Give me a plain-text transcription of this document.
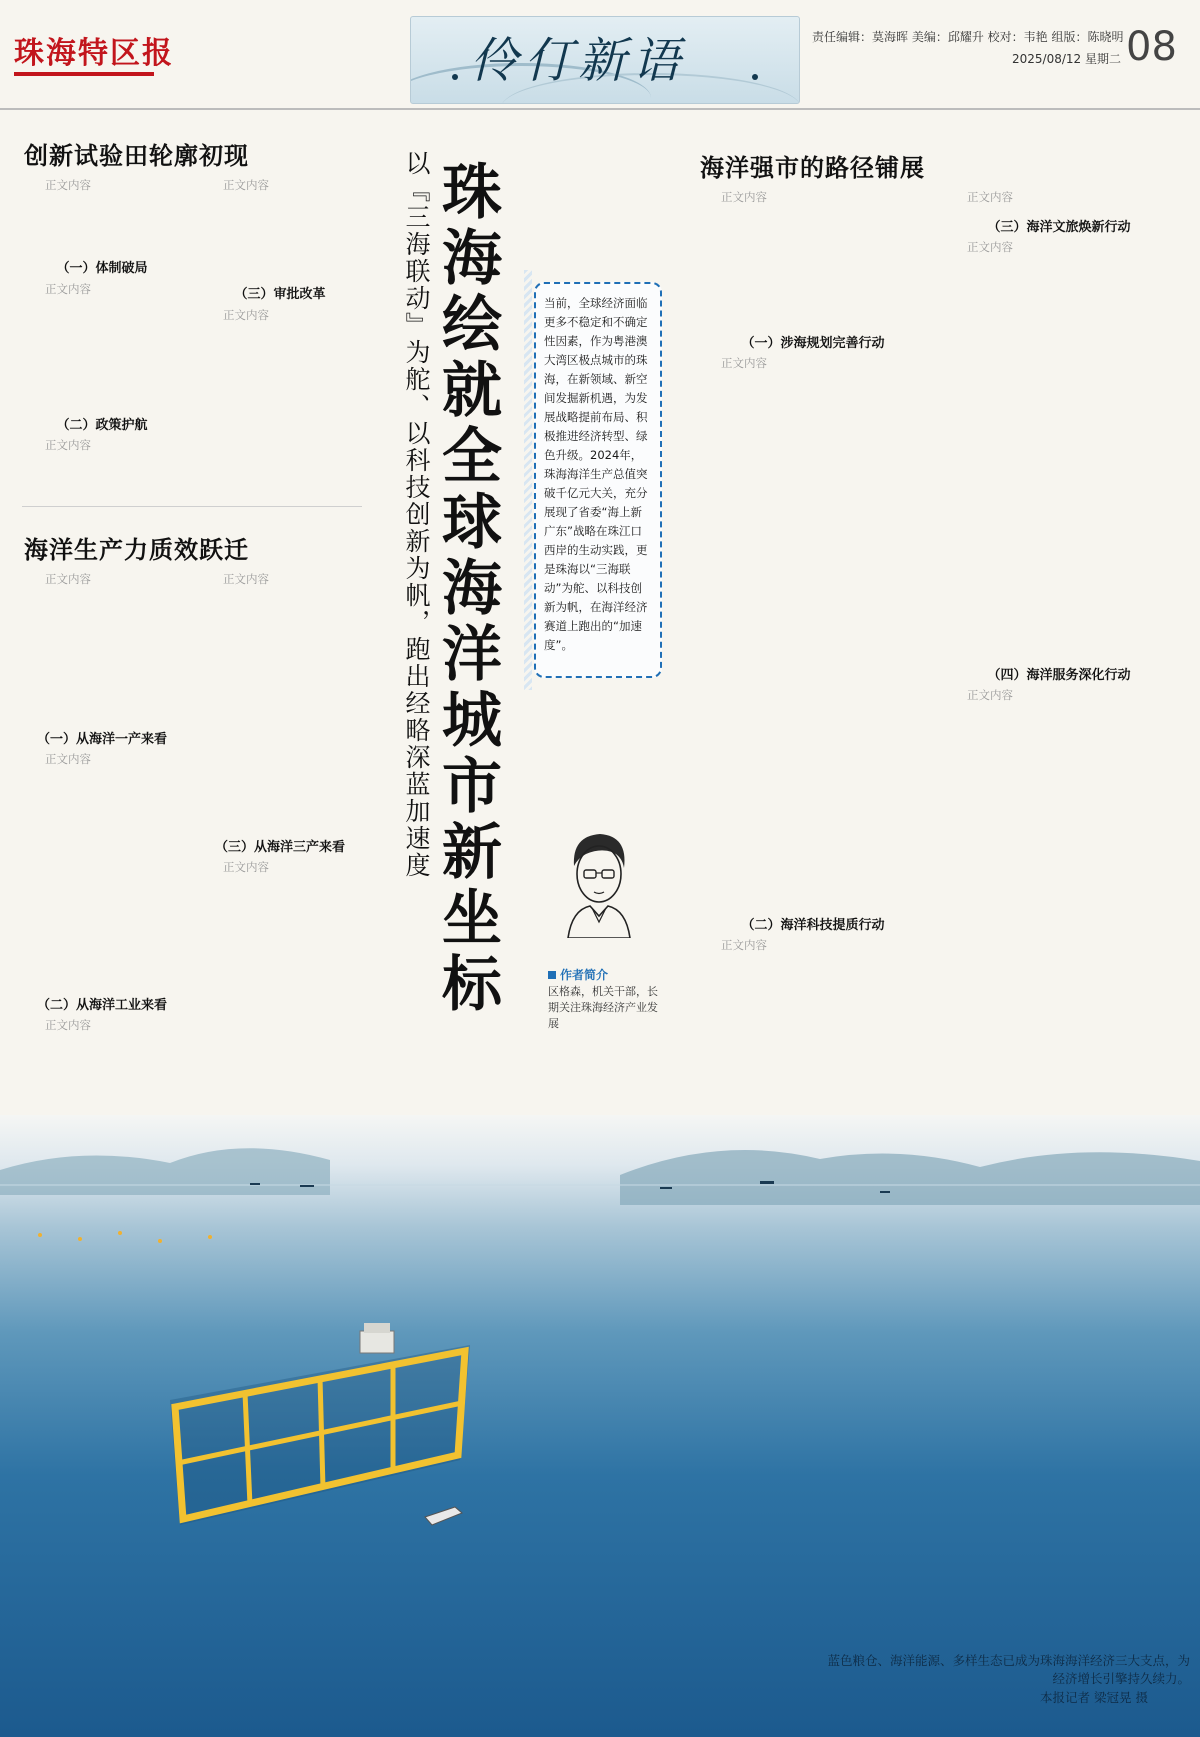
珠海特区报	伶仃新语	责任编辑：莫海晖 美编：邱耀升 校对：韦艳 组版：陈晓明
2025/08/12 星期二 08
创新试验田轮廓初现
正文内容
（一）体制破局
正文内容
（二）政策护航
正文内容
正文内容
（三）审批改革
正文内容
海洋生产力质效跃迁
正文内容
（一）从海洋一产来看
正文内容
（二）从海洋工业来看
正文内容
正文内容
（三）从海洋三产来看
正文内容	以『三海联动』为舵、以科技创新为帆，跑出经略深蓝加速度 珠海绘就全球海洋城市新坐标	当前，全球经济面临更多不稳定和不确定性因素，作为粤港澳大湾区极点城市的珠海，在新领域、新空间发掘新机遇，为发展战略提前布局、积极推进经济转型、绿色升级。2024年，珠海海洋生产总值突破千亿元大关，充分展现了省委“海上新广东”战略在珠江口西岸的生动实践，更是珠海以“三海联动”为舵、以科技创新为帆，在海洋经济赛道上跑出的“加速度”。
作者简介
区格森，机关干部，长期关注珠海经济产业发展
海洋强市的路径铺展
正文内容
（一）涉海规划完善行动
正文内容
（二）海洋科技提质行动
正文内容
正文内容
（三）海洋文旅焕新行动
正文内容
（四）海洋服务深化行动
正文内容
蓝色粮仓、海洋能源、多样生态已成为珠海海洋经济三大支点，为经济增长引擎持久续力。
本报记者 梁冠晃 摄
